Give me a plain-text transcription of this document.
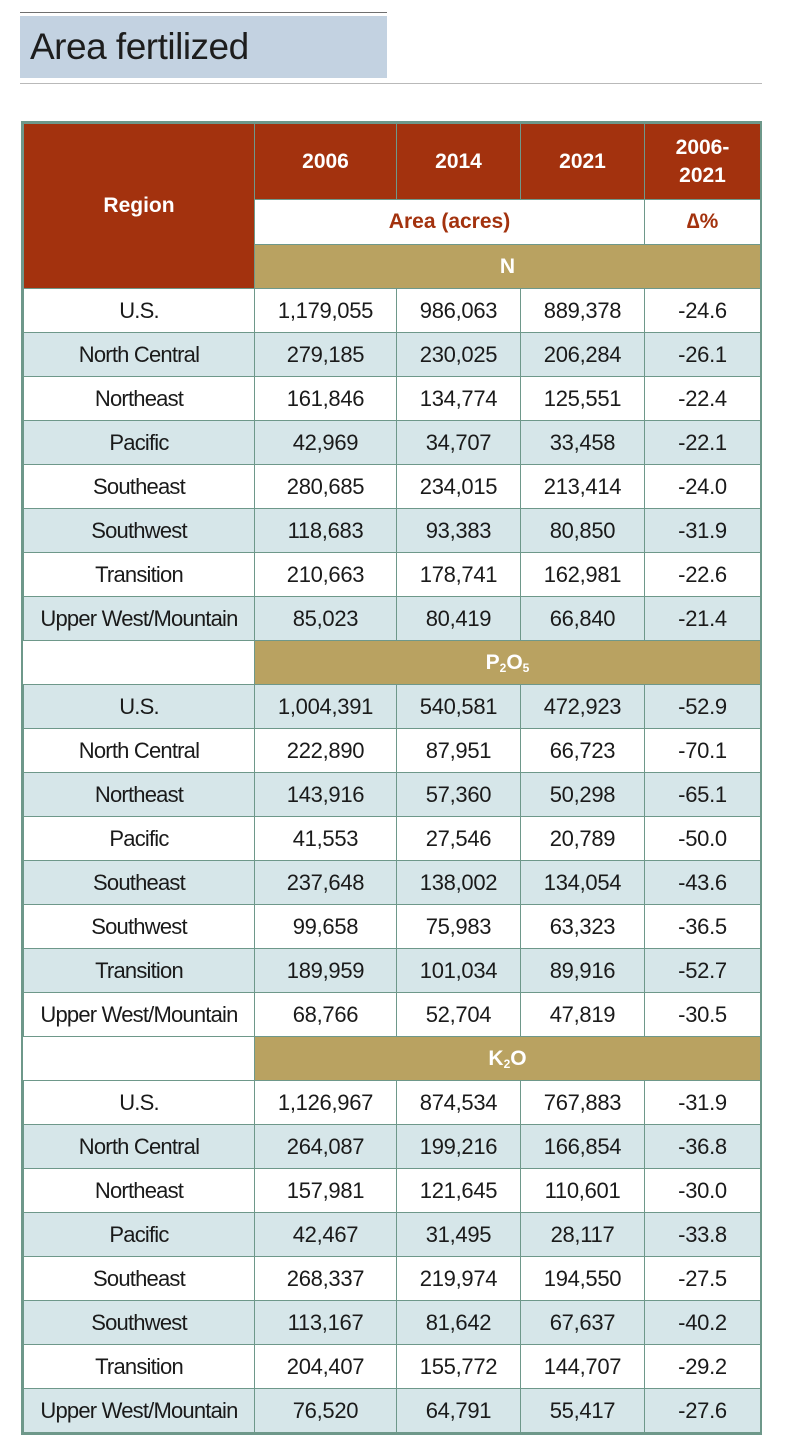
Area fertilized
Region	2006	2014	2021	2006-
2021
	Area (acres)			∆%
	N			
U.S.	1,179,055	986,063	889,378	-24.6
North Central	279,185	230,025	206,284	-26.1
Northeast	161,846	134,774	125,551	-22.4
Pacific	42,969	34,707	33,458	-22.1
Southeast	280,685	234,015	213,414	-24.0
Southwest	118,683	93,383	80,850	-31.9
Transition	210,663	178,741	162,981	-22.6
Upper West/Mountain	85,023	80,419	66,840	-21.4
	$P_2O_5$
U.S.	1,004,391	540,581	472,923	-52.9
North Central	222,890	87,951	66,723	-70.1
Northeast	143,916	57,360	50,298	-65.1
Pacific	41,553	27,546	20,789	-50.0
Southeast	237,648	138,002	134,054	-43.6
Southwest	99,658	75,983	63,323	-36.5
Transition	189,959	101,034	89,916	-52.7
Upper West/Mountain	68,766	52,704	47,819	-30.5
	$K_2O$			
U.S.	1,126,967	874,534	767,883	-31.9
North Central	264,087	199,216	166,854	-36.8
Northeast	157,981	121,645	110,601	-30.0
Pacific	42,467	31,495	28,117	-33.8
Southeast	268,337	219,974	194,550	-27.5
Southwest	113,167	81,642	67,637	-40.2
Transition	204,407	155,772	144,707	-29.2
Upper West/Mountain	76,520	64,791	55,417	-27.6
